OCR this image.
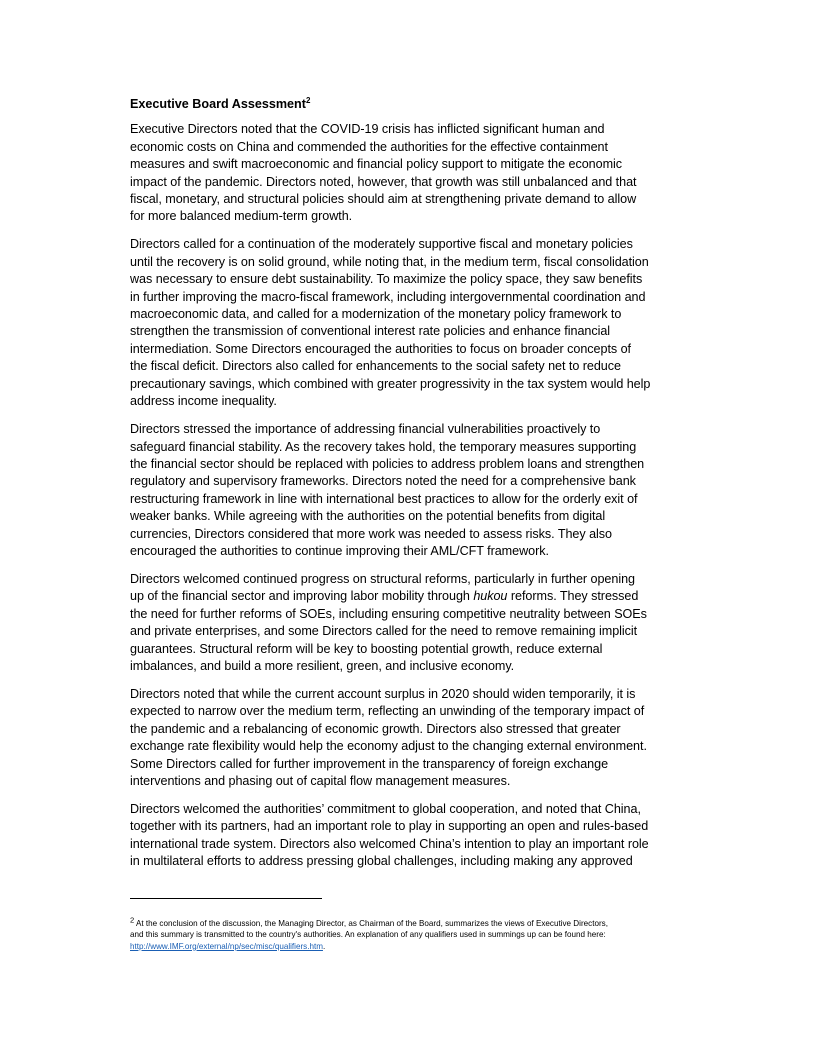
Executive Board Assessment$^2$

Executive Directors noted that the COVID-19 crisis has inflicted significant human and
economic costs on China and commended the authorities for the effective containment
measures and swift macroeconomic and financial policy support to mitigate the economic
impact of the pandemic. Directors noted, however, that growth was still unbalanced and that
fiscal, monetary, and structural policies should aim at strengthening private demand to allow
for more balanced medium-term growth.

Directors called for a continuation of the moderately supportive fiscal and monetary policies
until the recovery is on solid ground, while noting that, in the medium term, fiscal consolidation
was necessary to ensure debt sustainability. To maximize the policy space, they saw benefits
in further improving the macro-fiscal framework, including intergovernmental coordination and
macroeconomic data, and called for a modernization of the monetary policy framework to
strengthen the transmission of conventional interest rate policies and enhance financial
intermediation. Some Directors encouraged the authorities to focus on broader concepts of
the fiscal deficit. Directors also called for enhancements to the social safety net to reduce
precautionary savings, which combined with greater progressivity in the tax system would help
address income inequality.

Directors stressed the importance of addressing financial vulnerabilities proactively to
safeguard financial stability. As the recovery takes hold, the temporary measures supporting
the financial sector should be replaced with policies to address problem loans and strengthen
regulatory and supervisory frameworks. Directors noted the need for a comprehensive bank
restructuring framework in line with international best practices to allow for the orderly exit of
weaker banks. While agreeing with the authorities on the potential benefits from digital
currencies, Directors considered that more work was needed to assess risks. They also
encouraged the authorities to continue improving their AML/CFT framework.

Directors welcomed continued progress on structural reforms, particularly in further opening
up of the financial sector and improving labor mobility through hukou reforms. They stressed
the need for further reforms of SOEs, including ensuring competitive neutrality between SOEs
and private enterprises, and some Directors called for the need to remove remaining implicit
guarantees. Structural reform will be key to boosting potential growth, reduce external
imbalances, and build a more resilient, green, and inclusive economy.

Directors noted that while the current account surplus in 2020 should widen temporarily, it is
expected to narrow over the medium term, reflecting an unwinding of the temporary impact of
the pandemic and a rebalancing of economic growth. Directors also stressed that greater
exchange rate flexibility would help the economy adjust to the changing external environment.
Some Directors called for further improvement in the transparency of foreign exchange
interventions and phasing out of capital flow management measures.

Directors welcomed the authorities’ commitment to global cooperation, and noted that China,
together with its partners, had an important role to play in supporting an open and rules-based
international trade system. Directors also welcomed China’s intention to play an important role
in multilateral efforts to address pressing global challenges, including making any approved

$^2$ At the conclusion of the discussion, the Managing Director, as Chairman of the Board, summarizes the views of Executive Directors,
and this summary is transmitted to the country's authorities. An explanation of any qualifiers used in summings up can be found here:
http://www.IMF.org/external/np/sec/misc/qualifiers.htm.
